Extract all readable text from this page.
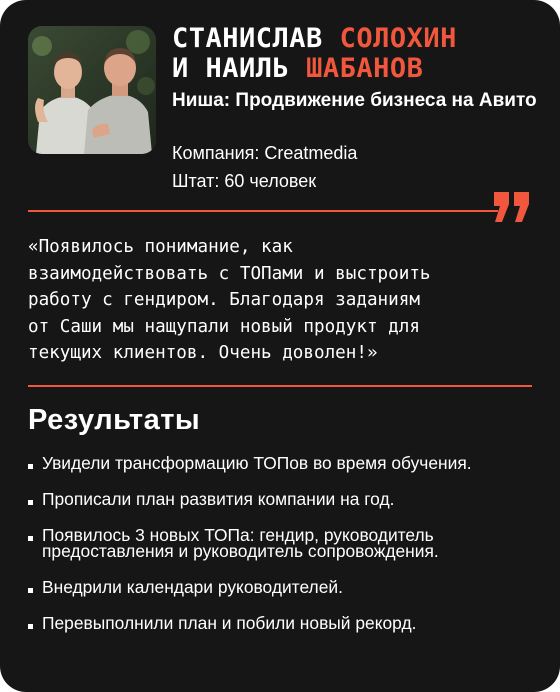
СТАНИСЛАВ СОЛОХИН
И НАИЛЬ ШАБАНОВ
Ниша: Продвижение бизнеса на Авито
Компания: Creatmedia
Штат: 60 человек
«Появилось понимание, как
взаимодействовать с ТОПами и выстроить
работу с гендиром. Благодаря заданиям
от Саши мы нащупали новый продукт для
текущих клиентов. Очень доволен!»
Результаты
Увидели трансформацию ТОПов во время обучения.
Прописали план развития компании на год.
Появилось 3 новых ТОПа: гендир, руководитель предоставления и руководитель сопровождения.
Внедрили календари руководителей.
Перевыполнили план и побили новый рекорд.
